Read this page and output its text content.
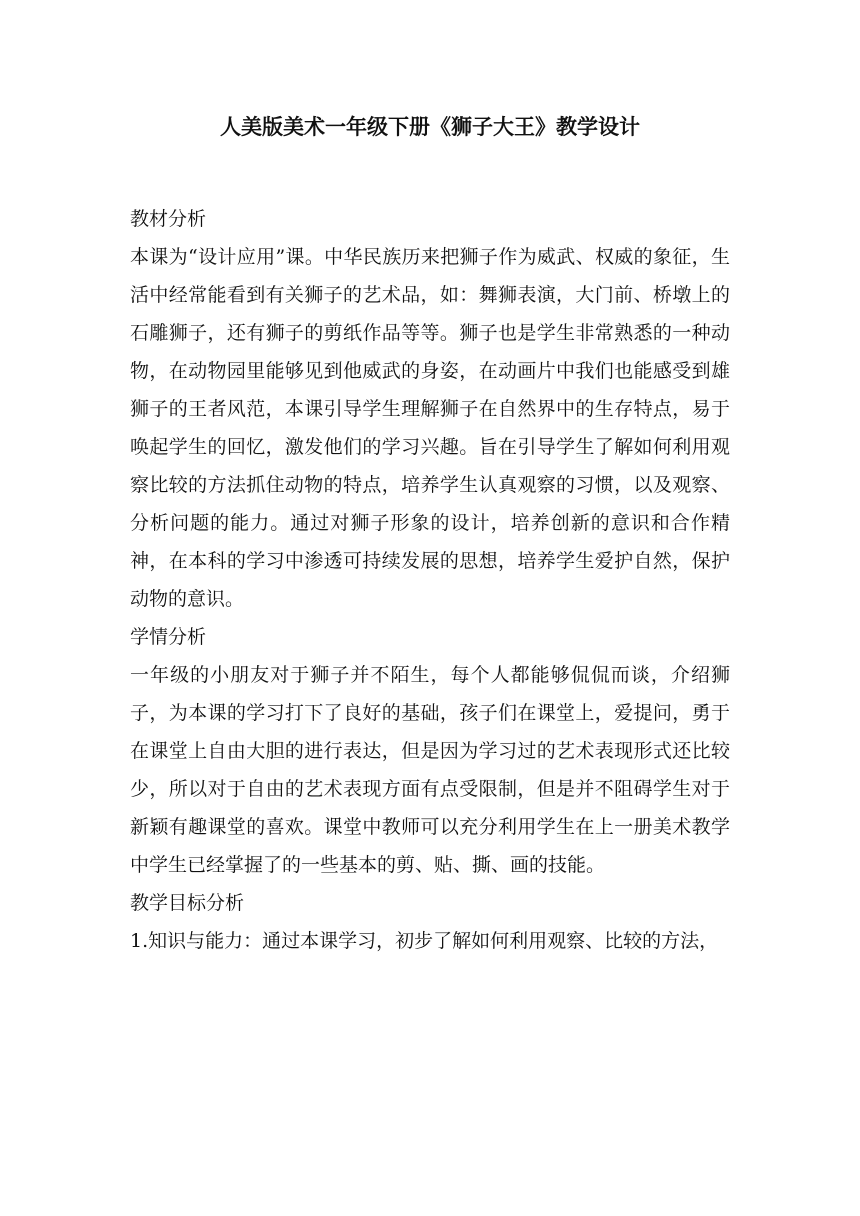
人美版美术一年级下册《狮子大王》教学设计

教材分析

本课为“设计应用”课。中华民族历来把狮子作为威武、权威的象征，生活中经常能看到有关狮子的艺术品，如：舞狮表演，大门前、桥墩上的石雕狮子，还有狮子的剪纸作品等等。狮子也是学生非常熟悉的一种动物，在动物园里能够见到他威武的身姿，在动画片中我们也能感受到雄狮子的王者风范，本课引导学生理解狮子在自然界中的生存特点，易于唤起学生的回忆，激发他们的学习兴趣。旨在引导学生了解如何利用观察比较的方法抓住动物的特点，培养学生认真观察的习惯，以及观察、分析问题的能力。通过对狮子形象的设计，培养创新的意识和合作精神，在本科的学习中渗透可持续发展的思想，培养学生爱护自然，保护动物的意识。

学情分析

一年级的小朋友对于狮子并不陌生，每个人都能够侃侃而谈，介绍狮子，为本课的学习打下了良好的基础，孩子们在课堂上，爱提问，勇于在课堂上自由大胆的进行表达，但是因为学习过的艺术表现形式还比较少，所以对于自由的艺术表现方面有点受限制，但是并不阻碍学生对于新颖有趣课堂的喜欢。课堂中教师可以充分利用学生在上一册美术教学中学生已经掌握了的一些基本的剪、贴、撕、画的技能。

教学目标分析

1.知识与能力：通过本课学习，初步了解如何利用观察、比较的方法，
